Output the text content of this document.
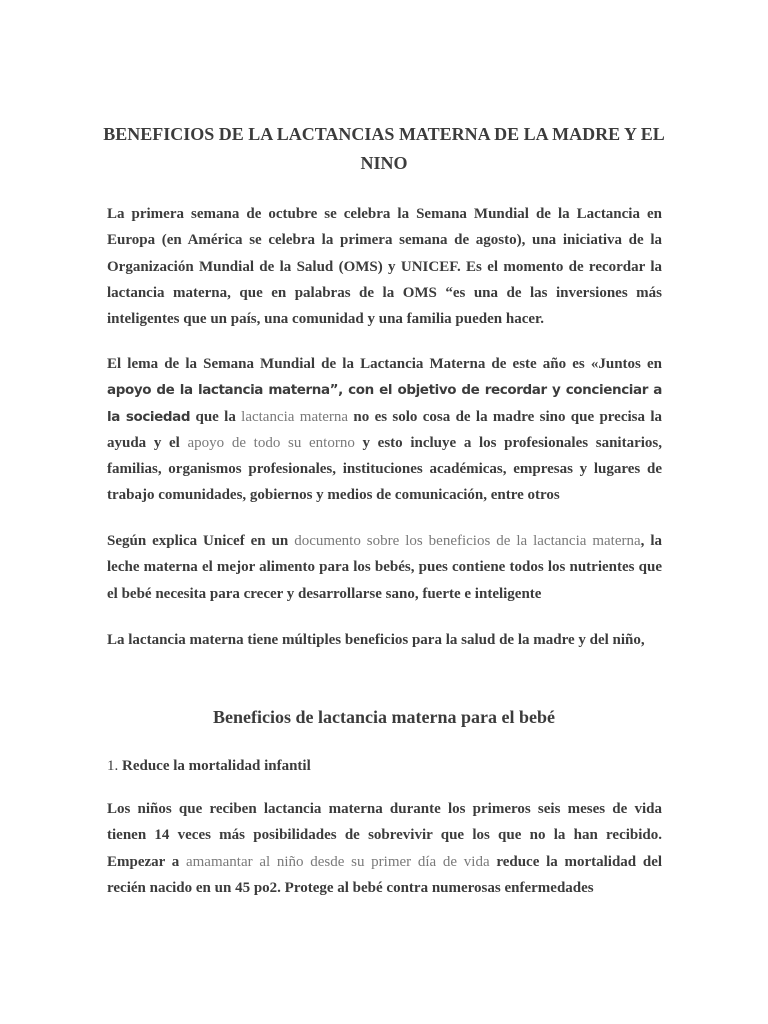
BENEFICIOS DE LA LACTANCIAS MATERNA DE LA MADRE Y EL NINO

La primera semana de octubre se celebra la Semana Mundial de la Lactancia en Europa (en América se celebra la primera semana de agosto), una iniciativa de la Organización Mundial de la Salud (OMS) y UNICEF. Es el momento de recordar la lactancia materna, que en palabras de la OMS “es una de las inversiones más inteligentes que un país, una comunidad y una familia pueden hacer.

El lema de la Semana Mundial de la Lactancia Materna de este año es «Juntos en apoyo de la lactancia materna”, con el objetivo de recordar y concienciar a la sociedad que la lactancia materna no es solo cosa de la madre sino que precisa la ayuda y el apoyo de todo su entorno y esto incluye a los profesionales sanitarios, familias, organismos profesionales, instituciones académicas, empresas y lugares de trabajo comunidades, gobiernos y medios de comunicación, entre otros

Según explica Unicef en un documento sobre los beneficios de la lactancia materna, la leche materna el mejor alimento para los bebés, pues contiene todos los nutrientes que el bebé necesita para crecer y desarrollarse sano, fuerte e inteligente

La lactancia materna tiene múltiples beneficios para la salud de la madre y del niño,

Beneficios de lactancia materna para el bebé

1. Reduce la mortalidad infantil

Los niños que reciben lactancia materna durante los primeros seis meses de vida tienen 14 veces más posibilidades de sobrevivir que los que no la han recibido. Empezar a amamantar al niño desde su primer día de vida reduce la mortalidad del recién nacido en un 45 po2. Protege al bebé contra numerosas enfermedades
